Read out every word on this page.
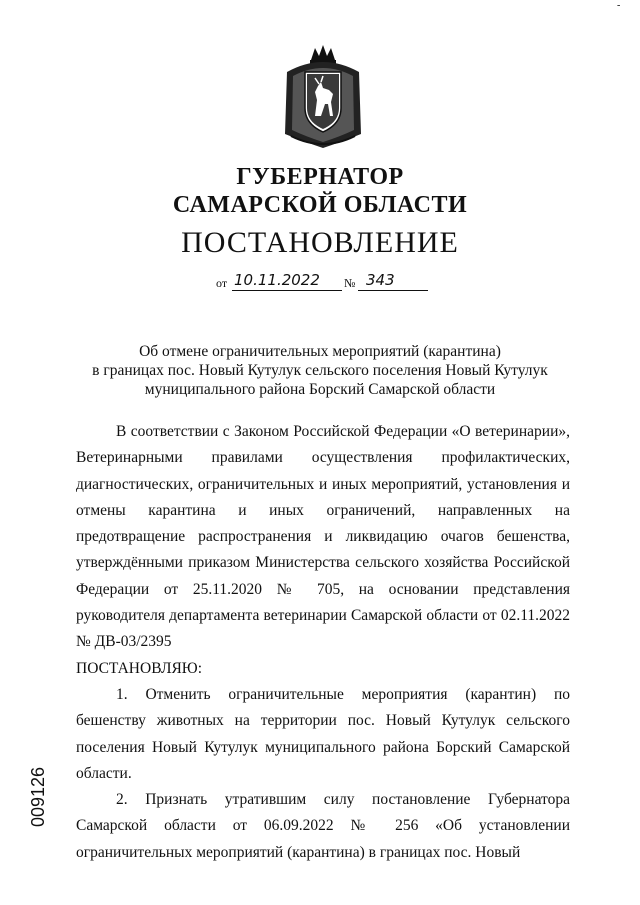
-
ГУБЕРНАТОР
САМАРСКОЙ ОБЛАСТИ
ПОСТАНОВЛЕНИЕ
от 10.11.2022 № 343
Об отмене ограничительных мероприятий (карантина)
в границах пос. Новый Кутулук сельского поселения Новый Кутулук
муниципального района Борский Самарской области

В соответствии с Законом Российской Федерации «О ветеринарии», Ветеринарными правилами осуществления профилактических, диагностических, ограничительных и иных мероприятий, установления и отмены карантина и иных ограничений, направленных на предотвращение распространения и ликвидацию очагов бешенства, утверждёнными приказом Министерства сельского хозяйства Российской Федерации от 25.11.2020 № 705, на основании представления руководителя департамента ветеринарии Самарской области от 02.11.2022 № ДВ-03/2395

ПОСТАНОВЛЯЮ:

1. Отменить ограничительные мероприятия (карантин) по бешенству животных на территории пос. Новый Кутулук сельского поселения Новый Кутулук муниципального района Борский Самарской области.

2. Признать утратившим силу постановление Губернатора Самарской области от 06.09.2022 № 256 «Об установлении ограничительных мероприятий (карантина) в границах пос. Новый

009126
